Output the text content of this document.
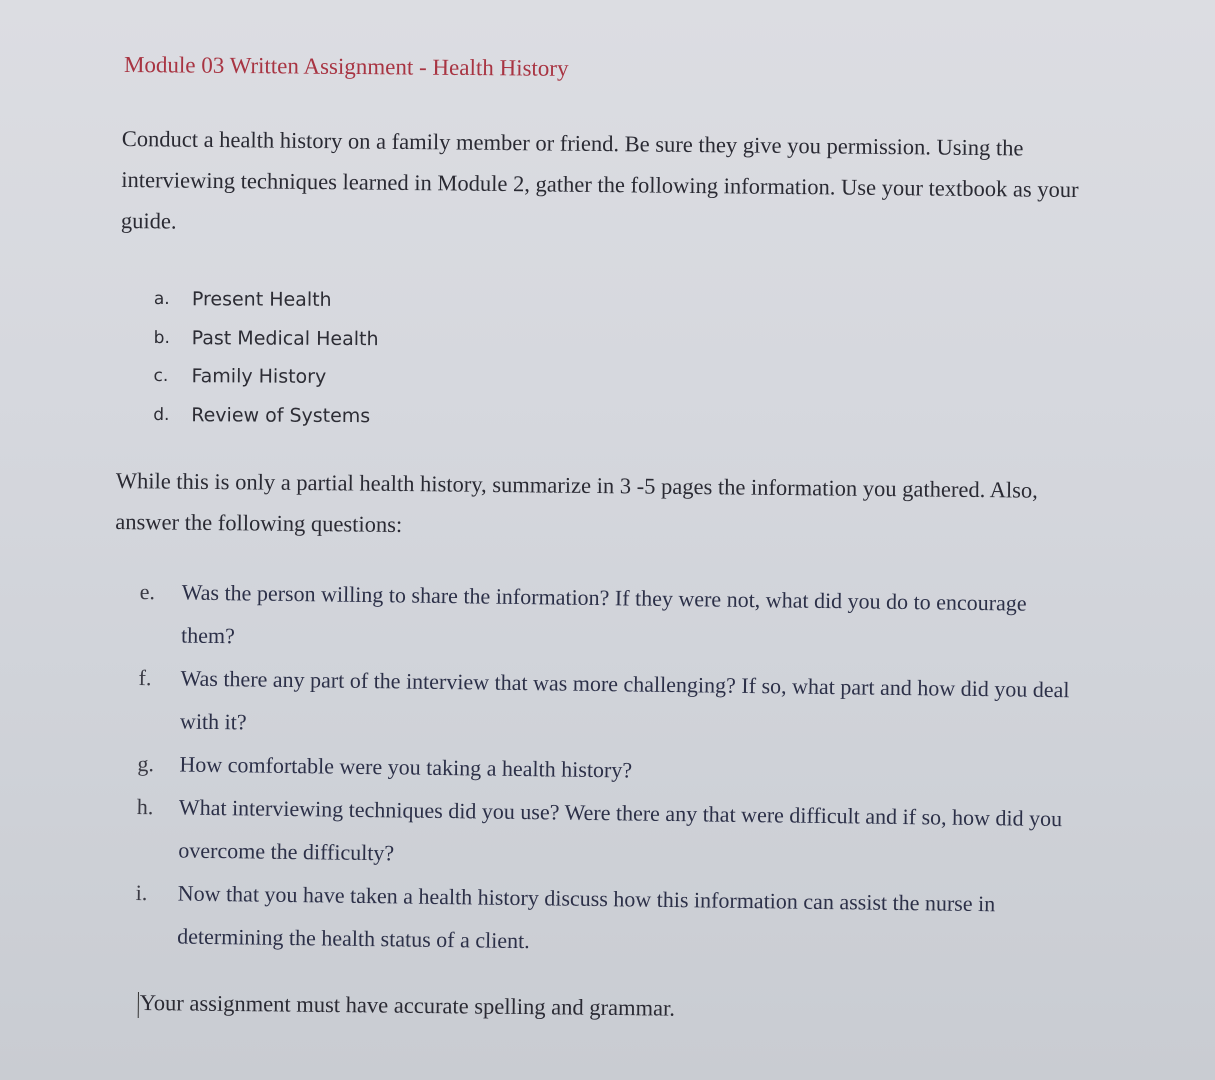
Module 03 Written Assignment - Health History

Conduct a health history on a family member or friend. Be sure they give you permission. Using the interviewing techniques learned in Module 2, gather the following information. Use your textbook as your guide.

a.	Present Health
b.	Past Medical Health
c.	Family History
d.	Review of Systems

While this is only a partial health history, summarize in 3 -5 pages the information you gathered. Also, answer the following questions:

e.	Was the person willing to share the information? If they were not, what did you do to encourage them?
f.	Was there any part of the interview that was more challenging? If so, what part and how did you deal with it?
g.	How comfortable were you taking a health history?
h.	What interviewing techniques did you use? Were there any that were difficult and if so, how did you overcome the difficulty?
i.	Now that you have taken a health history discuss how this information can assist the nurse in determining the health status of a client.
Your assignment must have accurate spelling and grammar.
